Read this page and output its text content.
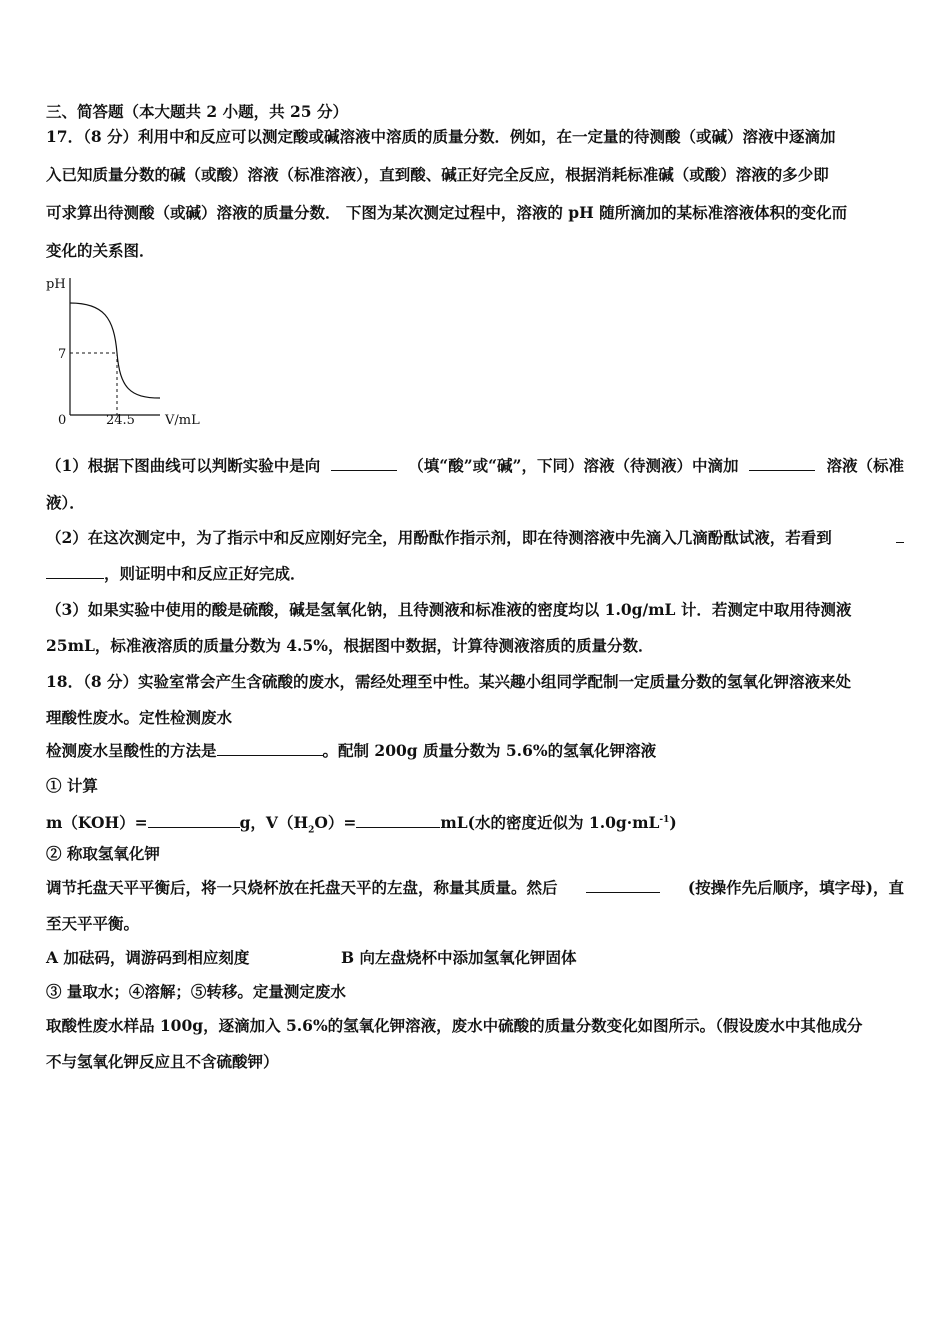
三、简答题（本大题共 2 小题，共 25 分）
17．（8 分）利用中和反应可以测定酸或碱溶液中溶质的质量分数．例如，在一定量的待测酸（或碱）溶液中逐滴加
入已知质量分数的碱（或酸）溶液（标准溶液），直到酸、碱正好完全反应，根据消耗标准碱（或酸）溶液的多少即
可求算出待测酸（或碱）溶液的质量分数． 下图为某次测定过程中，溶液的 pH 随所滴加的某标准溶液体积的变化而
变化的关系图．
pH
7
0	24.5 V/mL
（1）根据下图曲线可以判断实验中是向	（填“酸”或“碱”，下同）溶液（待测液）中滴加	溶液（标准
液）．
（2）在这次测定中，为了指示中和反应刚好完全，用酚酞作指示剂，即在待测溶液中先滴入几滴酚酞试液，若看到
，则证明中和反应正好完成．
（3）如果实验中使用的酸是硫酸，碱是氢氧化钠，且待测液和标准液的密度均以 1.0g/mL 计．若测定中取用待测液
25mL，标准液溶质的质量分数为 4.5%，根据图中数据，计算待测液溶质的质量分数．
18．（8 分）实验室常会产生含硫酸的废水，需经处理至中性。某兴趣小组同学配制一定质量分数的氢氧化钾溶液来处
理酸性废水。定性检测废水
检测废水呈酸性的方法是	。配制 200g 质量分数为 5.6%的氢氧化钾溶液
① 计算
m（KOH）=	g，$V(H_2O)=$	mL(水的密度近似为 $1.0g\cdot mL^{-1}$)
② 称取氢氧化钾
调节托盘天平平衡后，将一只烧杯放在托盘天平的左盘，称量其质量。然后	(按操作先后顺序，填字母)，直
至天平平衡。
A 加砝码，调游码到相应刻度	B 向左盘烧杯中添加氢氧化钾固体
③ 量取水；④溶解；⑤转移。定量测定废水
取酸性废水样品 100g，逐滴加入 5.6%的氢氧化钾溶液，废水中硫酸的质量分数变化如图所示。（假设废水中其他成分
不与氢氧化钾反应且不含硫酸钾）
